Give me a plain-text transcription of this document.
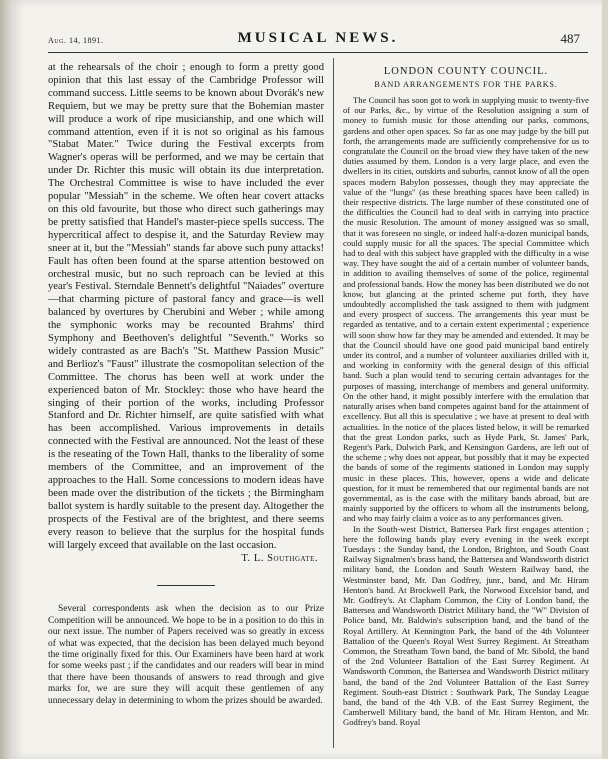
Aug. 14, 1891.	MUSICAL NEWS.	487

at the rehearsals of the choir ; enough to form a pretty good opinion that this last essay of the Cambridge Professor will command success. Little seems to be known about Dvorák's new Requiem, but we may be pretty sure that the Bohemian master will produce a work of ripe musicianship, and one which will command attention, even if it is not so original as his famous "Stabat Mater." Twice during the Festival excerpts from Wagner's operas will be performed, and we may be certain that under Dr. Richter this music will obtain its due interpretation. The Orchestral Committee is wise to have included the ever popular "Messiah" in the scheme. We often hear covert attacks on this old favourite, but those who direct such gatherings may be pretty satisfied that Handel's master-piece spells success. The hypercritical affect to despise it, and the Saturday Review may sneer at it, but the "Messiah" stands far above such puny attacks! Fault has often been found at the sparse attention bestowed on orchestral music, but no such reproach can be levied at this year's Festival. Sterndale Bennett's delightful "Naiades" overture—that charming picture of pastoral fancy and grace—is well balanced by overtures by Cherubini and Weber ; while among the symphonic works may be recounted Brahms' third Symphony and Beethoven's delightful "Seventh." Works so widely contrasted as are Bach's "St. Matthew Passion Music" and Berlioz's "Faust" illustrate the cosmopolitan selection of the Committee. The chorus has been well at work under the experienced baton of Mr. Stockley: those who have heard the singing of their portion of the works, including Professor Stanford and Dr. Richter himself, are quite satisfied with what has been accomplished. Various improvements in details connected with the Festival are announced. Not the least of these is the reseating of the Town Hall, thanks to the liberality of some members of the Committee, and an improvement of the approaches to the Hall. Some concessions to modern ideas have been made over the distribution of the tickets ; the Birmingham ballot system is hardly suitable to the present day. Altogether the prospects of the Festival are of the brightest, and there seems every reason to believe that the surplus for the hospital funds will largely exceed that available on the last occasion.

T. L. Southgate.

Several correspondents ask when the decision as to our Prize Competition will be announced. We hope to be in a position to do this in our next issue. The number of Papers received was so greatly in excess of what was expected, that the decision has been delayed much beyond the time originally fixed for this. Our Examiners have been hard at work for some weeks past ; if the candidates and our readers will bear in mind that there have been thousands of answers to read through and give marks for, we are sure they will acquit these gentlemen of any unnecessary delay in determining to whom the prizes should be awarded.

LONDON COUNTY COUNCIL.
BAND ARRANGEMENTS FOR THE PARKS.

The Council has soon got to work in supplying music to twenty-five of our Parks, &c., by virtue of the Resolution assigning a sum of money to furnish music for those attending our parks, commons, gardens and other open spaces. So far as one may judge by the bill put forth, the arrangements made are sufficiently comprehensive for us to congratulate the Council on the broad view they have taken of the new duties assumed by them. London is a very large place, and even the dwellers in its cities, outskirts and suburbs, cannot know of all the open spaces modern Babylon possesses, though they may appreciate the value of the "lungs" (as these breathing spaces have been called) in their respective districts. The large number of these constituted one of the difficulties the Council had to deal with in carrying into practice the music Resolution. The amount of money assigned was so small, that it was foreseen no single, or indeed half-a-dozen municipal bands, could supply music for all the spaces. The special Committee which had to deal with this subject have grappled with the difficulty in a wise way. They have sought the aid of a certain number of volunteer bands, in addition to availing themselves of some of the police, regimental and professional bands. How the money has been distributed we do not know, but glancing at the printed scheme put forth, they have undoubtedly accomplished the task assigned to them with judgment and every prospect of success. The arrangements this year must be regarded as tentative, and to a certain extent experimental ; experience will soon show how far they may be amended and extended. It may be that the Council should have one good paid municipal band entirely under its control, and a number of volunteer auxiliaries drilled with it, and working in conformity with the general design of this official band. Such a plan would tend to securing certain advantages for the purposes of massing, interchange of members and general uniformity. On the other hand, it might possibly interfere with the emulation that naturally arises when band competes against band for the attainment of excellency. But all this is speculative ; we have at present to deal with actualities. In the notice of the places listed below, it will be remarked that the great London parks, such as Hyde Park, St. James' Park, Regent's Park, Dulwich Park, and Kensington Gardens, are left out of the scheme ; why does not appear, but possibly that it may be expected the bands of some of the regiments stationed in London may supply music in these places. This, however, opens a wide and delicate question, for it must be remembered that our regimental bands are not governmental, as is the case with the military bands abroad, but are mainly supported by the officers to whom all the instruments belong, and who may fairly claim a voice as to any performances given.

In the South-west District, Battersea Park first engages attention ; here the following bands play every evening in the week except Tuesdays : the Sunday band, the London, Brighton, and South Coast Railway Signalmen's brass band, the Battersea and Wandsworth district military band, the London and South Western Railway band, the Westminster band, Mr. Dan Godfrey, junr., band, and Mr. Hiram Henton's band. At Brockwell Park, the Norwood Excelsior band, and Mr. Godfrey's. At Clapham Common, the City of London band, the Battersea and Wandsworth District Military band, the "W" Division of Police band, Mr. Baldwin's subscription band, and the band of the Royal Artillery. At Kennington Park, the band of the 4th Volunteer Battalion of the Queen's Royal West Surrey Regiment. At Streatham Common, the Streatham Town band, the band of Mr. Sibold, the band of the 2nd Volunteer Battalion of the East Surrey Regiment. At Wandsworth Common, the Battersea and Wandsworth District military band, the band of the 2nd Volunteer Battalion of the East Surrey Regiment. South-east District : Southwark Park, The Sunday League band, the band of the 4th V.B. of the East Surrey Regiment, the Camberwell Military band, the band of Mr. Hiram Henton, and Mr. Godfrey's band. Royal
